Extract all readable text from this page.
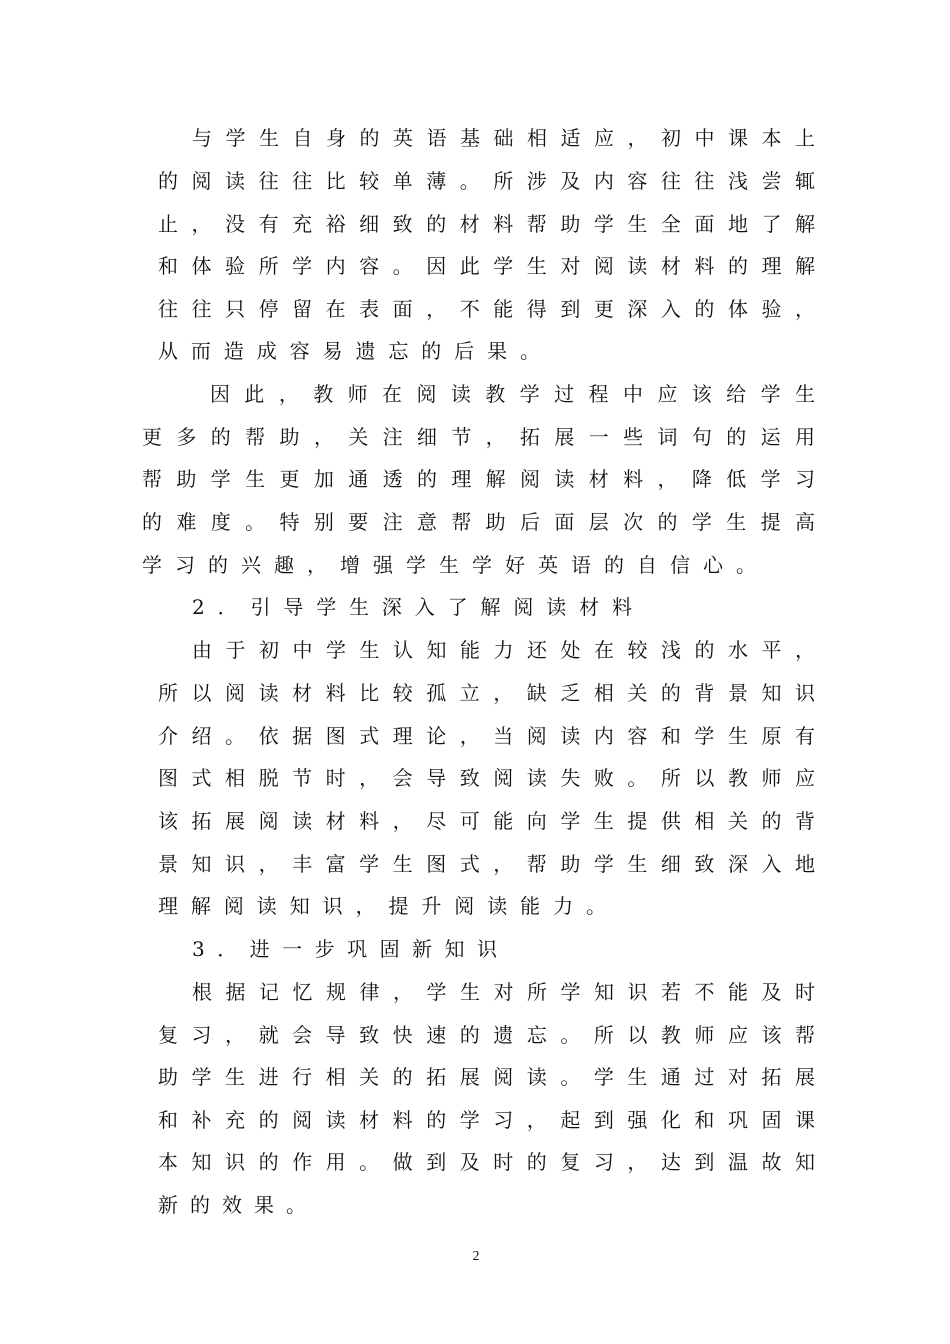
与学生自身的英语基础相适应，初中课本上
的阅读往往比较单薄。所涉及内容往往浅尝辄
止，没有充裕细致的材料帮助学生全面地了解
和体验所学内容。因此学生对阅读材料的理解
往往只停留在表面，不能得到更深入的体验，
从而造成容易遗忘的后果。
因此，教师在阅读教学过程中应该给学生
更多的帮助，关注细节，拓展一些词句的运用
帮助学生更加通透的理解阅读材料，降低学习
的难度。特别要注意帮助后面层次的学生提高
学习的兴趣，增强学生学好英语的自信心。
2．引导学生深入了解阅读材料
由于初中学生认知能力还处在较浅的水平，
所以阅读材料比较孤立，缺乏相关的背景知识
介绍。依据图式理论，当阅读内容和学生原有
图式相脱节时，会导致阅读失败。所以教师应
该拓展阅读材料，尽可能向学生提供相关的背
景知识，丰富学生图式，帮助学生细致深入地
理解阅读知识，提升阅读能力。
3．进一步巩固新知识
根据记忆规律，学生对所学知识若不能及时
复习，就会导致快速的遗忘。所以教师应该帮
助学生进行相关的拓展阅读。学生通过对拓展
和补充的阅读材料的学习，起到强化和巩固课
本知识的作用。做到及时的复习，达到温故知
新的效果。
2
